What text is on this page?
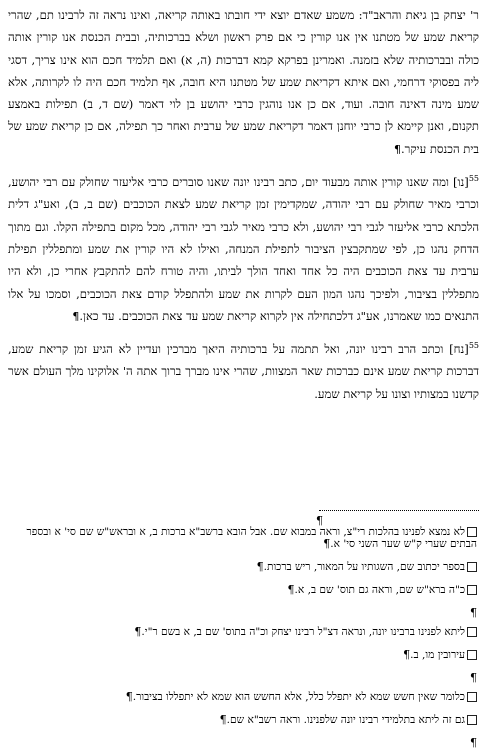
ר' יצחק בן גיאת והראב"ד: משמע שאדם יוצא ידי חובתו באותה קריאה, ואינו נראה זה לרבינו תם, שהרי קריאת שמע של מטתנו אין אנו קורין כי אם פרק ראשון ושלא בברכותיה, ובבית הכנסת אנו קורין אותה כולה ובברכותיה שלא בזמנה. ואמרינן בפרקא קמא דברכות (ה, א) ואם תלמיד חכם הוא אינו צריך, דסגי ליה בפסוקי דרחמי, ואם איתא דקריאת שמע של מטתנו היא חובה, אף תלמיד חכם היה לו לקרותה, אלא שמע מינה דאינה חובה. ועוד, אם כן אנו נוהגין כרבי יהושע בן לוי דאמר (שם ד, ב) תפילות באמצע תקנום, ואנן קיימא לן כרבי יוחנן דאמר דקריאת שמע של ערבית ואחר כך תפילה, אם כן קריאת שמע של בית הכנסת עיקר.¶

55[נו] ומה שאנו קורין אותה מבעוד יום, כתב רבינו יונה שאנו סוברים כרבי אליעזר שחולק עם רבי יהושע, וכרבי מאיר שחולק עם רבי יהודה, שמקדימין זמן קריאת שמע לצאת הכוכבים (שם ב, ב), ואע"ג דלית הלכתא כרבי אליעזר לגבי רבי יהושע, ולא כרבי מאיר לגבי רבי יהודה, מכל מקום בתפילה הקלו. וגם מתוך הדחק נהגו כן, לפי שמתקבצין הציבור לתפילת המנחה, ואילו לא היו קורין את שמע ומתפללין תפילת ערבית עד צאת הכוכבים היה כל אחד ואחד הולך לביתו, והיה טורח להם להתקבץ אחרי כן, ולא היו מתפללין בציבור, ולפיכך נהגו המון העם לקרות את שמע ולהתפלל קודם צאת הכוכבים, וסמכו על אלו התנאים כמו שאמרנו, אע"ג דלכתחילה אין לקרוא קריאת שמע עד צאת הכוכבים. עד כאן.¶

55[נח] וכתב הרב רבינו יונה, ואל תתמה על ברכותיה היאך מברכין ועדיין לא הגיע זמן קריאת שמע, דברכות קריאת שמע אינם כברכות שאר המצוות, שהרי אינו מברך ברוך אתה ה' אלוקינו מלך העולם אשר קדשנו במצותיו וצונו על קריאת שמע.

¶
לא נמצא לפנינו בהלכות רי"צ, וראה במבוא שם. אבל הובא ברשב"א ברכות ב, א ובראש"ש שם סי' א ובספר הבתים שערי ק"ש שער השני סי' א.¶
בספר יכתוב שם, השגותיו על המאור, ריש ברכות.¶
כ"ה ברא"ש שם, וראה גם תוס' שם ב, א.¶
¶
ליתא לפנינו ברבינו יונה, ונראה דצ"ל רבינו יצחק וכ"ה בתוס' שם ב, א בשם ר"י.¶
עירובין מו, ב.¶
¶
כלומר שאין חשש שמא לא יתפלל כלל, אלא החשש הוא שמא לא יתפללו בציבור.¶
גם זה ליתא בתלמידי רבינו יונה שלפנינו. וראה רשב"א שם.¶
¶
